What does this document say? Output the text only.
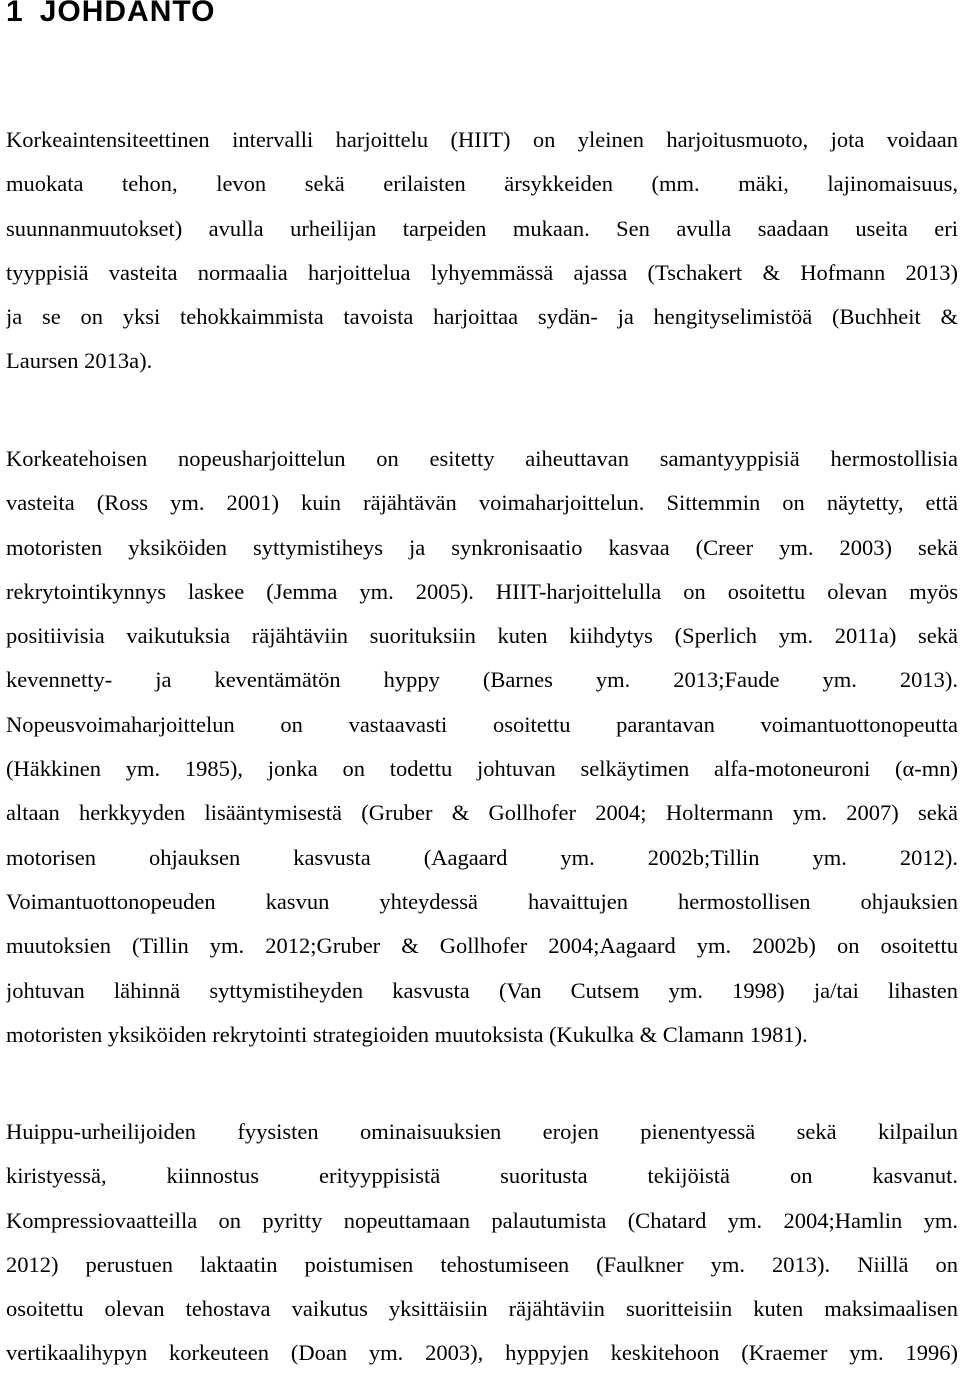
1 JOHDANTO
Korkeaintensiteettinen intervalli harjoittelu (HIIT) on yleinen harjoitusmuoto, jota voidaan
muokata tehon, levon sekä erilaisten ärsykkeiden (mm. mäki, lajinomaisuus,
suunnanmuutokset) avulla urheilijan tarpeiden mukaan. Sen avulla saadaan useita eri
tyyppisiä vasteita normaalia harjoittelua lyhyemmässä ajassa (Tschakert & Hofmann 2013)
ja se on yksi tehokkaimmista tavoista harjoittaa sydän- ja hengityselimistöä (Buchheit &
Laursen 2013a).
Korkeatehoisen nopeusharjoittelun on esitetty aiheuttavan samantyyppisiä hermostollisia
vasteita (Ross ym. 2001) kuin räjähtävän voimaharjoittelun. Sittemmin on näytetty, että
motoristen yksiköiden syttymistiheys ja synkronisaatio kasvaa (Creer ym. 2003) sekä
rekrytointikynnys laskee (Jemma ym. 2005). HIIT-harjoittelulla on osoitettu olevan myös
positiivisia vaikutuksia räjähtäviin suorituksiin kuten kiihdytys (Sperlich ym. 2011a) sekä
kevennetty- ja keventämätön hyppy (Barnes ym. 2013;Faude ym. 2013).
Nopeusvoimaharjoittelun on vastaavasti osoitettu parantavan voimantuottonopeutta
(Häkkinen ym. 1985), jonka on todettu johtuvan selkäytimen alfa-motoneuroni (α-mn)
altaan herkkyyden lisääntymisestä (Gruber & Gollhofer 2004; Holtermann ym. 2007) sekä
motorisen ohjauksen kasvusta (Aagaard ym. 2002b;Tillin ym. 2012).
Voimantuottonopeuden kasvun yhteydessä havaittujen hermostollisen ohjauksien
muutoksien (Tillin ym. 2012;Gruber & Gollhofer 2004;Aagaard ym. 2002b) on osoitettu
johtuvan lähinnä syttymistiheyden kasvusta (Van Cutsem ym. 1998) ja/tai lihasten
motoristen yksiköiden rekrytointi strategioiden muutoksista (Kukulka & Clamann 1981).
Huippu-urheilijoiden fyysisten ominaisuuksien erojen pienentyessä sekä kilpailun
kiristyessä, kiinnostus erityyppisistä suoritusta tekijöistä on kasvanut.
Kompressiovaatteilla on pyritty nopeuttamaan palautumista (Chatard ym. 2004;Hamlin ym.
2012) perustuen laktaatin poistumisen tehostumiseen (Faulkner ym. 2013). Niillä on
osoitettu olevan tehostava vaikutus yksittäisiin räjähtäviin suoritteisiin kuten maksimaalisen
vertikaalihypyn korkeuteen (Doan ym. 2003), hyppyjen keskitehoon (Kraemer ym. 1996)
